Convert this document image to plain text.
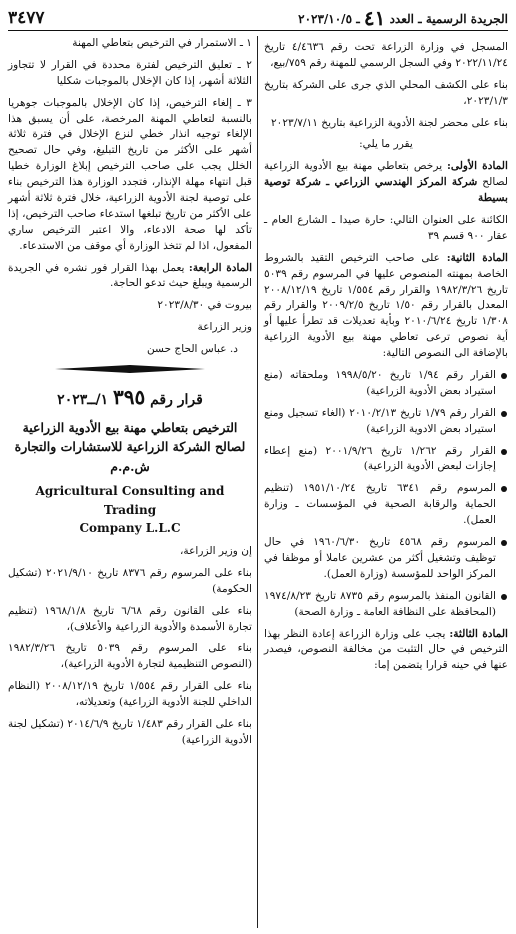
الجريدة الرسمية ـ العدد ٤١ ـ ٢٠٢٣/١٠/٥
٣٤٧٧

المسجل في وزارة الزراعة تحت رقم ٤/٤٦٣٦ تاريخ ٢٠٢٢/١١/٢٤ وفي السجل الرسمي للمهنة رقم ٧٥٩/بيع،

بناء على الكشف المحلي الذي جرى على الشركة بتاريخ ٢٠٢٣/١/٣،

بناء على محضر لجنة الأدوية الزراعية بتاريخ ٢٠٢٣/٧/١١

يقرر ما يلي:

المادة الأولى: يرخص بتعاطي مهنة بيع الأدوية الزراعية لصالح شركة المركز الهندسي الزراعي ـ شركة توصية بسيطة

الكائنة على العنوان التالي: حارة صيدا ـ الشارع العام ـ عقار ٩٠٠ قسم ٣٩

المادة الثانية: على صاحب الترخيص التقيد بالشروط الخاصة بمهنته المنصوص عليها في المرسوم رقم ٥٠٣٩ تاريخ ١٩٨٢/٣/٢٦ والقرار رقم ١/٥٥٤ تاريخ ٢٠٠٨/١٢/١٩ المعدل بالقرار رقم ١/٥٠ تاريخ ٢٠٠٩/٢/٥ والقرار رقم ١/٣٠٨ تاريخ ٢٠١٠/٦/٢٤ وبأية تعديلات قد تطرأ عليها أو أية نصوص ترعى تعاطي مهنة بيع الأدوية الزراعية بالإضافة الى النصوص التالية:

القرار رقم ١/٩٤ تاريخ ١٩٩٨/٥/٢٠ وملحقاته (منع استيراد بعض الأدوية الزراعية)

القرار رقم ١/٧٩ تاريخ ٢٠١٠/٢/١٣ (الغاء تسجيل ومنع استيراد بعض الادوية الزراعية)

القرار رقم ١/٢٦٢ تاريخ ٢٠٠١/٩/٢٦ (منع إعطاء إجازات لبعض الأدوية الزراعية)

المرسوم رقم ٦٣٤١ تاريخ ١٩٥١/١٠/٢٤ (تنظيم الحماية والرقابة الصحية في المؤسسات ـ وزارة العمل).

المرسوم رقم ٤٥٦٨ تاريخ ١٩٦٠/٦/٣٠ في حال توظيف وتشغيل أكثر من عشرين عاملا أو موظفا في المركز الواحد للمؤسسة (وزارة العمل).

القانون المنفذ بالمرسوم رقم ٨٧٣٥ تاريخ ١٩٧٤/٨/٢٣ (المحافظة على النظافة العامة ـ وزارة الصحة)

المادة الثالثة: يجب على وزارة الزراعة إعادة النظر بهذا الترخيص في حال التثبت من مخالفة النصوص، فيصدر عنها في حينه قرارا يتضمن إما:

١ ـ الاستمرار في الترخيص بتعاطي المهنة

٢ ـ تعليق الترخيص لفترة محددة في القرار لا تتجاوز الثلاثة أشهر، إذا كان الإخلال بالموجبات شكليا

٣ ـ إلغاء الترخيص، إذا كان الإخلال بالموجبات جوهريا بالنسبة لتعاطي المهنة المرخصة، على أن يسبق هذا الإلغاء توجيه انذار خطي لنزع الإخلال في فترة ثلاثة أشهر على الأكثر من تاريخ التبليغ، وفي حال تصحيح الخلل يجب على صاحب الترخيص إبلاغ الوزارة خطيا قبل انتهاء مهلة الإنذار، فتجدد الوزارة هذا الترخيص بناء على توصية لجنة الأدوية الزراعية، خلال فترة ثلاثة أشهر على الأكثر من تاريخ تبلغها استدعاء صاحب الترخيص، إذا تأكد لها صحة الادعاء، والا اعتبر الترخيص ساري المفعول، اذا لم تتخذ الوزارة أي موقف من الاستدعاء.

المادة الرابعة: يعمل بهذا القرار فور نشره في الجريدة الرسمية ويبلغ حيث تدعو الحاجة.

بيروت في ٢٠٢٣/٨/٣٠

وزير الزراعة

د. عباس الحاج حسن

قرار رقم ٣٩٥ ١/ــ٢٠٢٣

الترخيص بتعاطي مهنة بيع الأدوية الزراعية لصالح الشركة الزراعية للاستشارات والتجارة ش.م.م

Agricultural Consulting and Trading
Company L.L.C

إن وزير الزراعة،

بناء على المرسوم رقم ٨٣٧٦ تاريخ ٢٠٢١/٩/١٠ (تشكيل الحكومة)

بناء على القانون رقم ٦/٦٨ تاريخ ١٩٦٨/١/٨ (تنظيم تجارة الأسمدة والأدوية الزراعية والأعلاف)،

بناء على المرسوم رقم ٥٠٣٩ تاريخ ١٩٨٢/٣/٢٦ (النصوص التنظيمية لتجارة الأدوية الزراعية)،

بناء على القرار رقم ١/٥٥٤ تاريخ ٢٠٠٨/١٢/١٩ (النظام الداخلي للجنة الأدوية الزراعية) وتعديلاته،

بناء على القرار رقم ١/٤٨٣ تاريخ ٢٠١٤/٦/٩ (تشكيل لجنة الأدوية الزراعية)
